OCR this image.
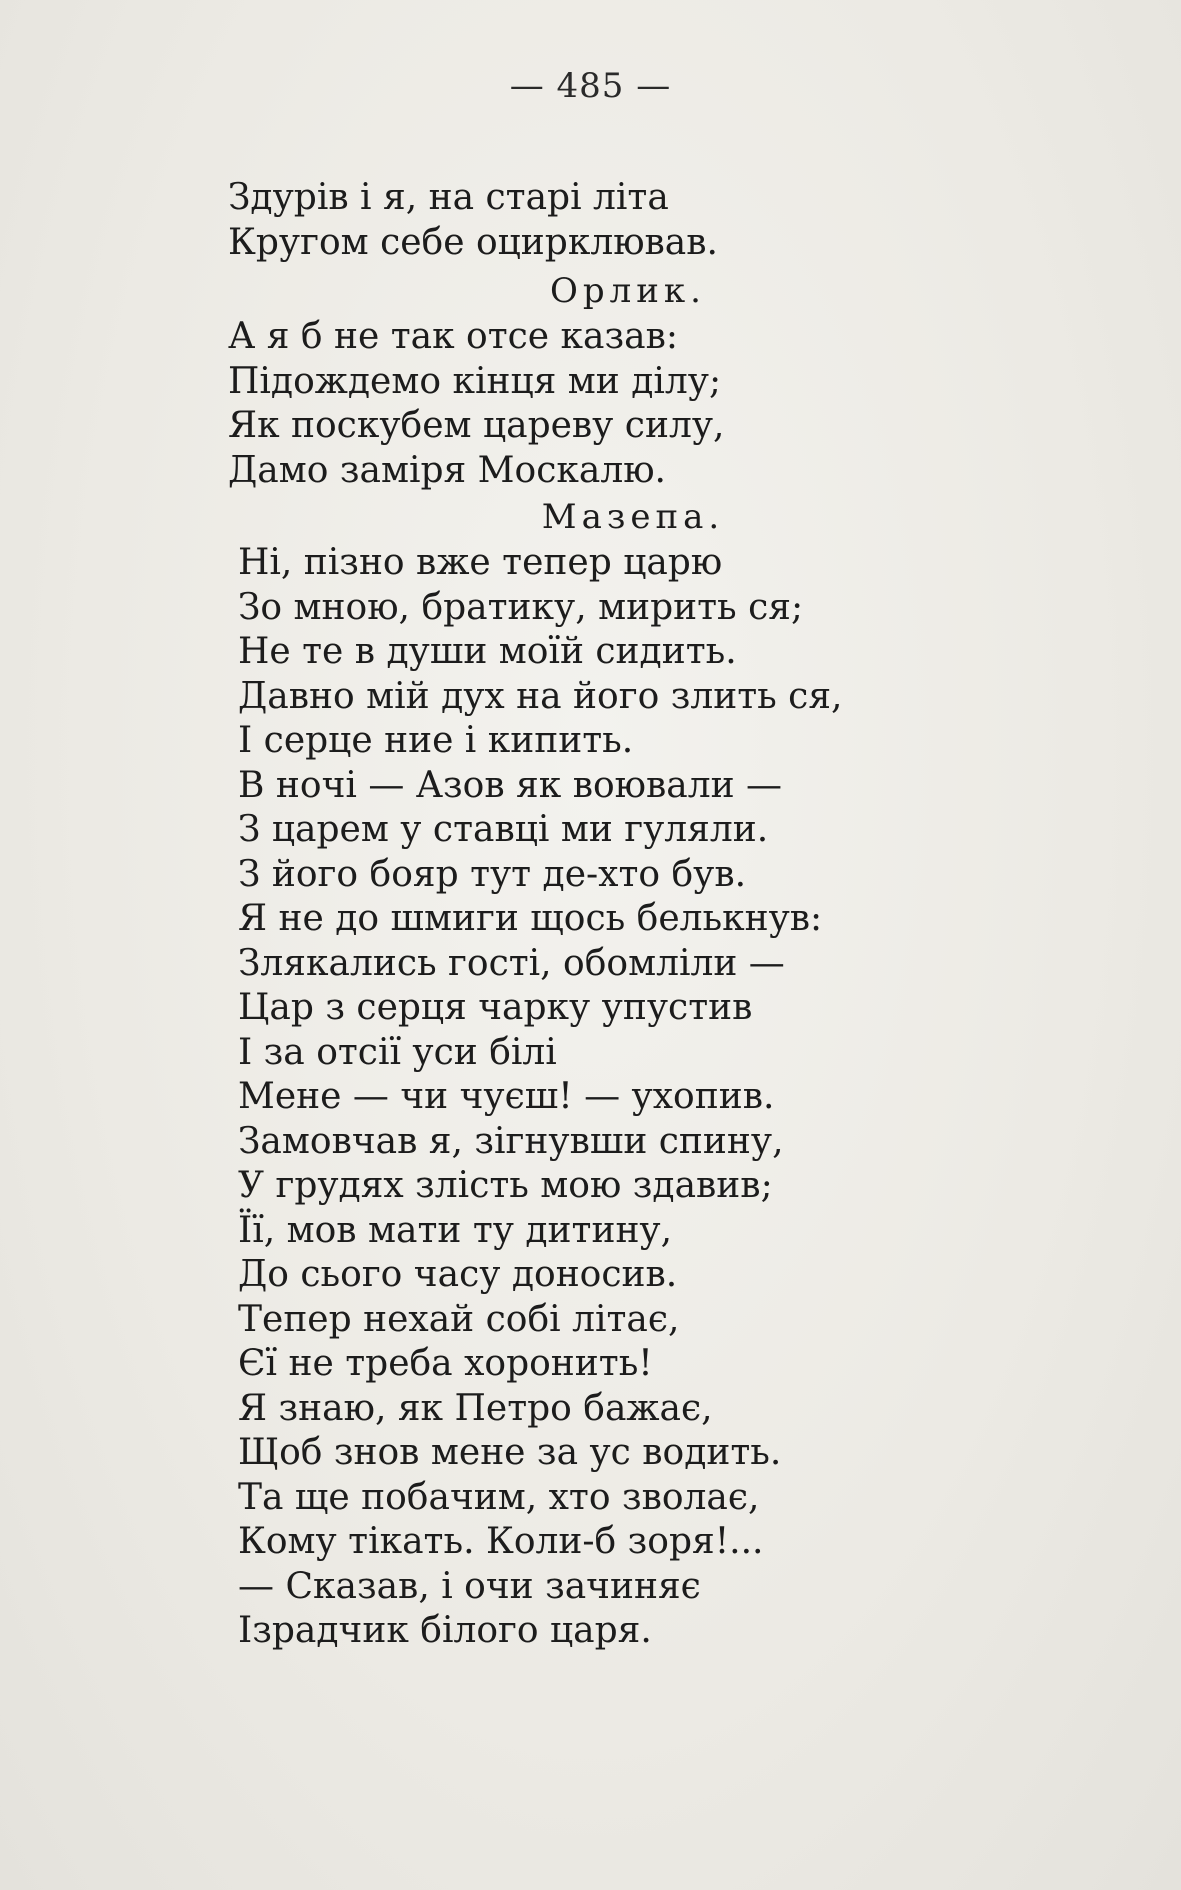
— 485 —
Здурів і я, на старі літа
Кругом себе оцирклював.
Орлик.
А я б не так отсе казав:
Підождемо кінця ми ділу;
Як поскубем цареву силу,
Дамо заміря Москалю.
Мазепа.
Ні, пізно вже тепер царю
Зо мною, братику, мирить ся;
Не те в души моїй сидить.
Давно мій дух на його злить ся,
І серце ние і кипить.
В ночі — Азов як воювали —
З царем у ставці ми гуляли.
З його бояр тут де-хто був.
Я не до шмиги щось белькнув:
Злякались гості, обомліли —
Цар з серця чарку упустив
І за отсії уси білі
Мене — чи чуєш! — ухопив.
Замовчав я, зігнувши спину,
У грудях злість мою здавив;
Її, мов мати ту дитину,
До сього часу доносив.
Тепер нехай собі літає,
Єї не треба хоронить!
Я знаю, як Петро бажає,
Щоб знов мене за ус водить.
Та ще побачим, хто зволає,
Кому тікать. Коли-б зоря!...
— Сказав, і очи зачиняє
Ізрадчик білого царя.
